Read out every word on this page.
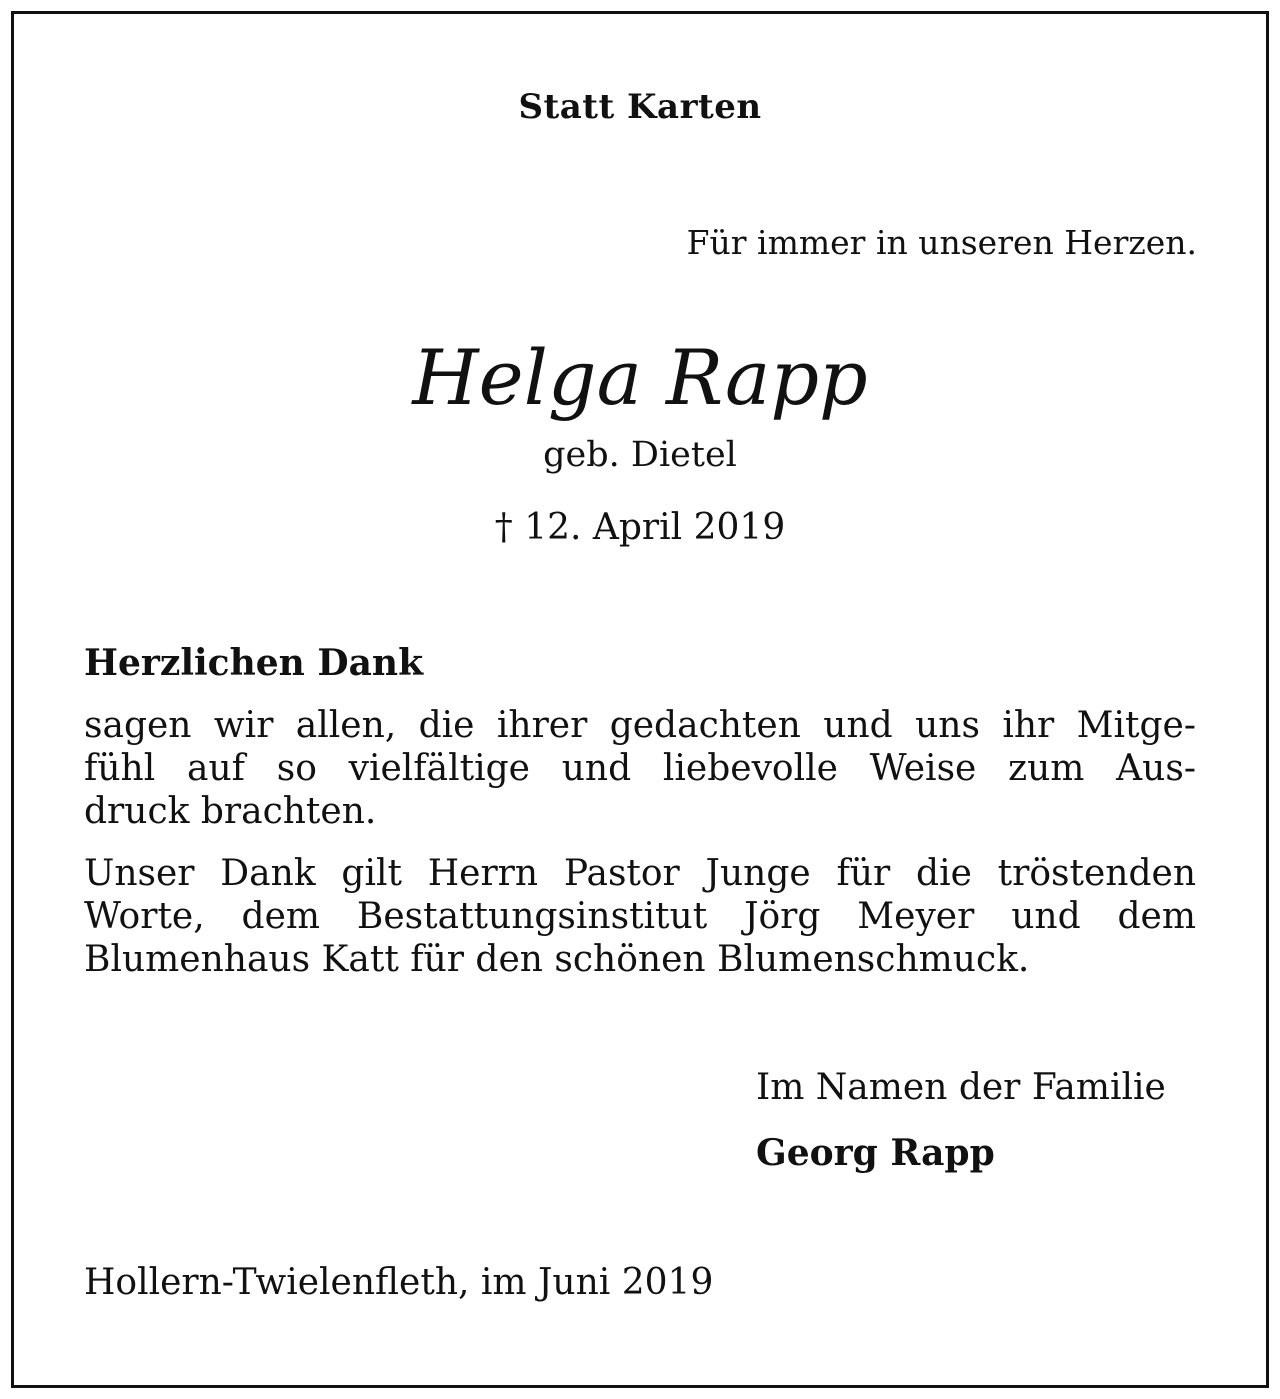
Statt Karten
Für immer in unseren Herzen.
Helga Rapp
geb. Dietel
† 12. April 2019
Herzlichen Dank
sagen wir allen, die ihrer gedachten und uns ihr Mitge-
fühl auf so vielfältige und liebevolle Weise zum Aus-
druck brachten.
Unser Dank gilt Herrn Pastor Junge für die tröstenden
Worte, dem Bestattungsinstitut Jörg Meyer und dem
Blumenhaus Katt für den schönen Blumenschmuck.
Im Namen der Familie
Georg Rapp
Hollern-Twielenfleth, im Juni 2019
